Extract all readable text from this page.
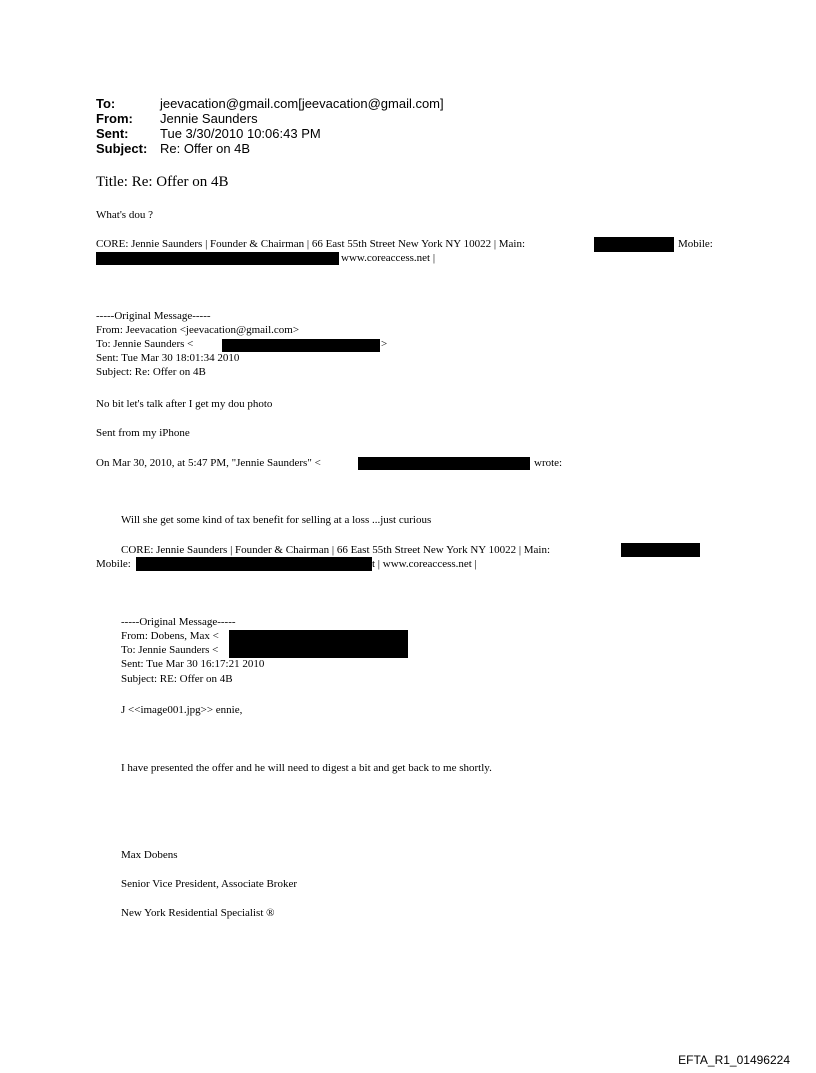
To:	jeevacation@gmail.com[jeevacation@gmail.com]
From:	Jennie Saunders
Sent:	Tue 3/30/2010 10:06:43 PM
Subject: Re: Offer on 4B
Title: Re: Offer on 4B
What's dou ?
CORE: Jennie Saunders | Founder & Chairman | 66 East 55th Street New York NY 10022 | Main:	Mobile:
www.coreaccess.net |
-----Original Message-----
From: Jeevacation <jeevacation@gmail.com>
To: Jennie Saunders <	>
Sent: Tue Mar 30 18:01:34 2010
Subject: Re: Offer on 4B
No bit let's talk after I get my dou photo
Sent from my iPhone
On Mar 30, 2010, at 5:47 PM, "Jennie Saunders" <	wrote:
Will she get some kind of tax benefit for selling at a loss ...just curious
CORE: Jennie Saunders | Founder & Chairman | 66 East 55th Street New York NY 10022 | Main:
Mobile:	t | www.coreaccess.net |
-----Original Message-----
From: Dobens, Max <
To: Jennie Saunders <
Sent: Tue Mar 30 16:17:21 2010
Subject: RE: Offer on 4B
J <<image001.jpg>> ennie,
I have presented the offer and he will need to digest a bit and get back to me shortly.
Max Dobens
Senior Vice President, Associate Broker
New York Residential Specialist ®
EFTA_R1_01496224
